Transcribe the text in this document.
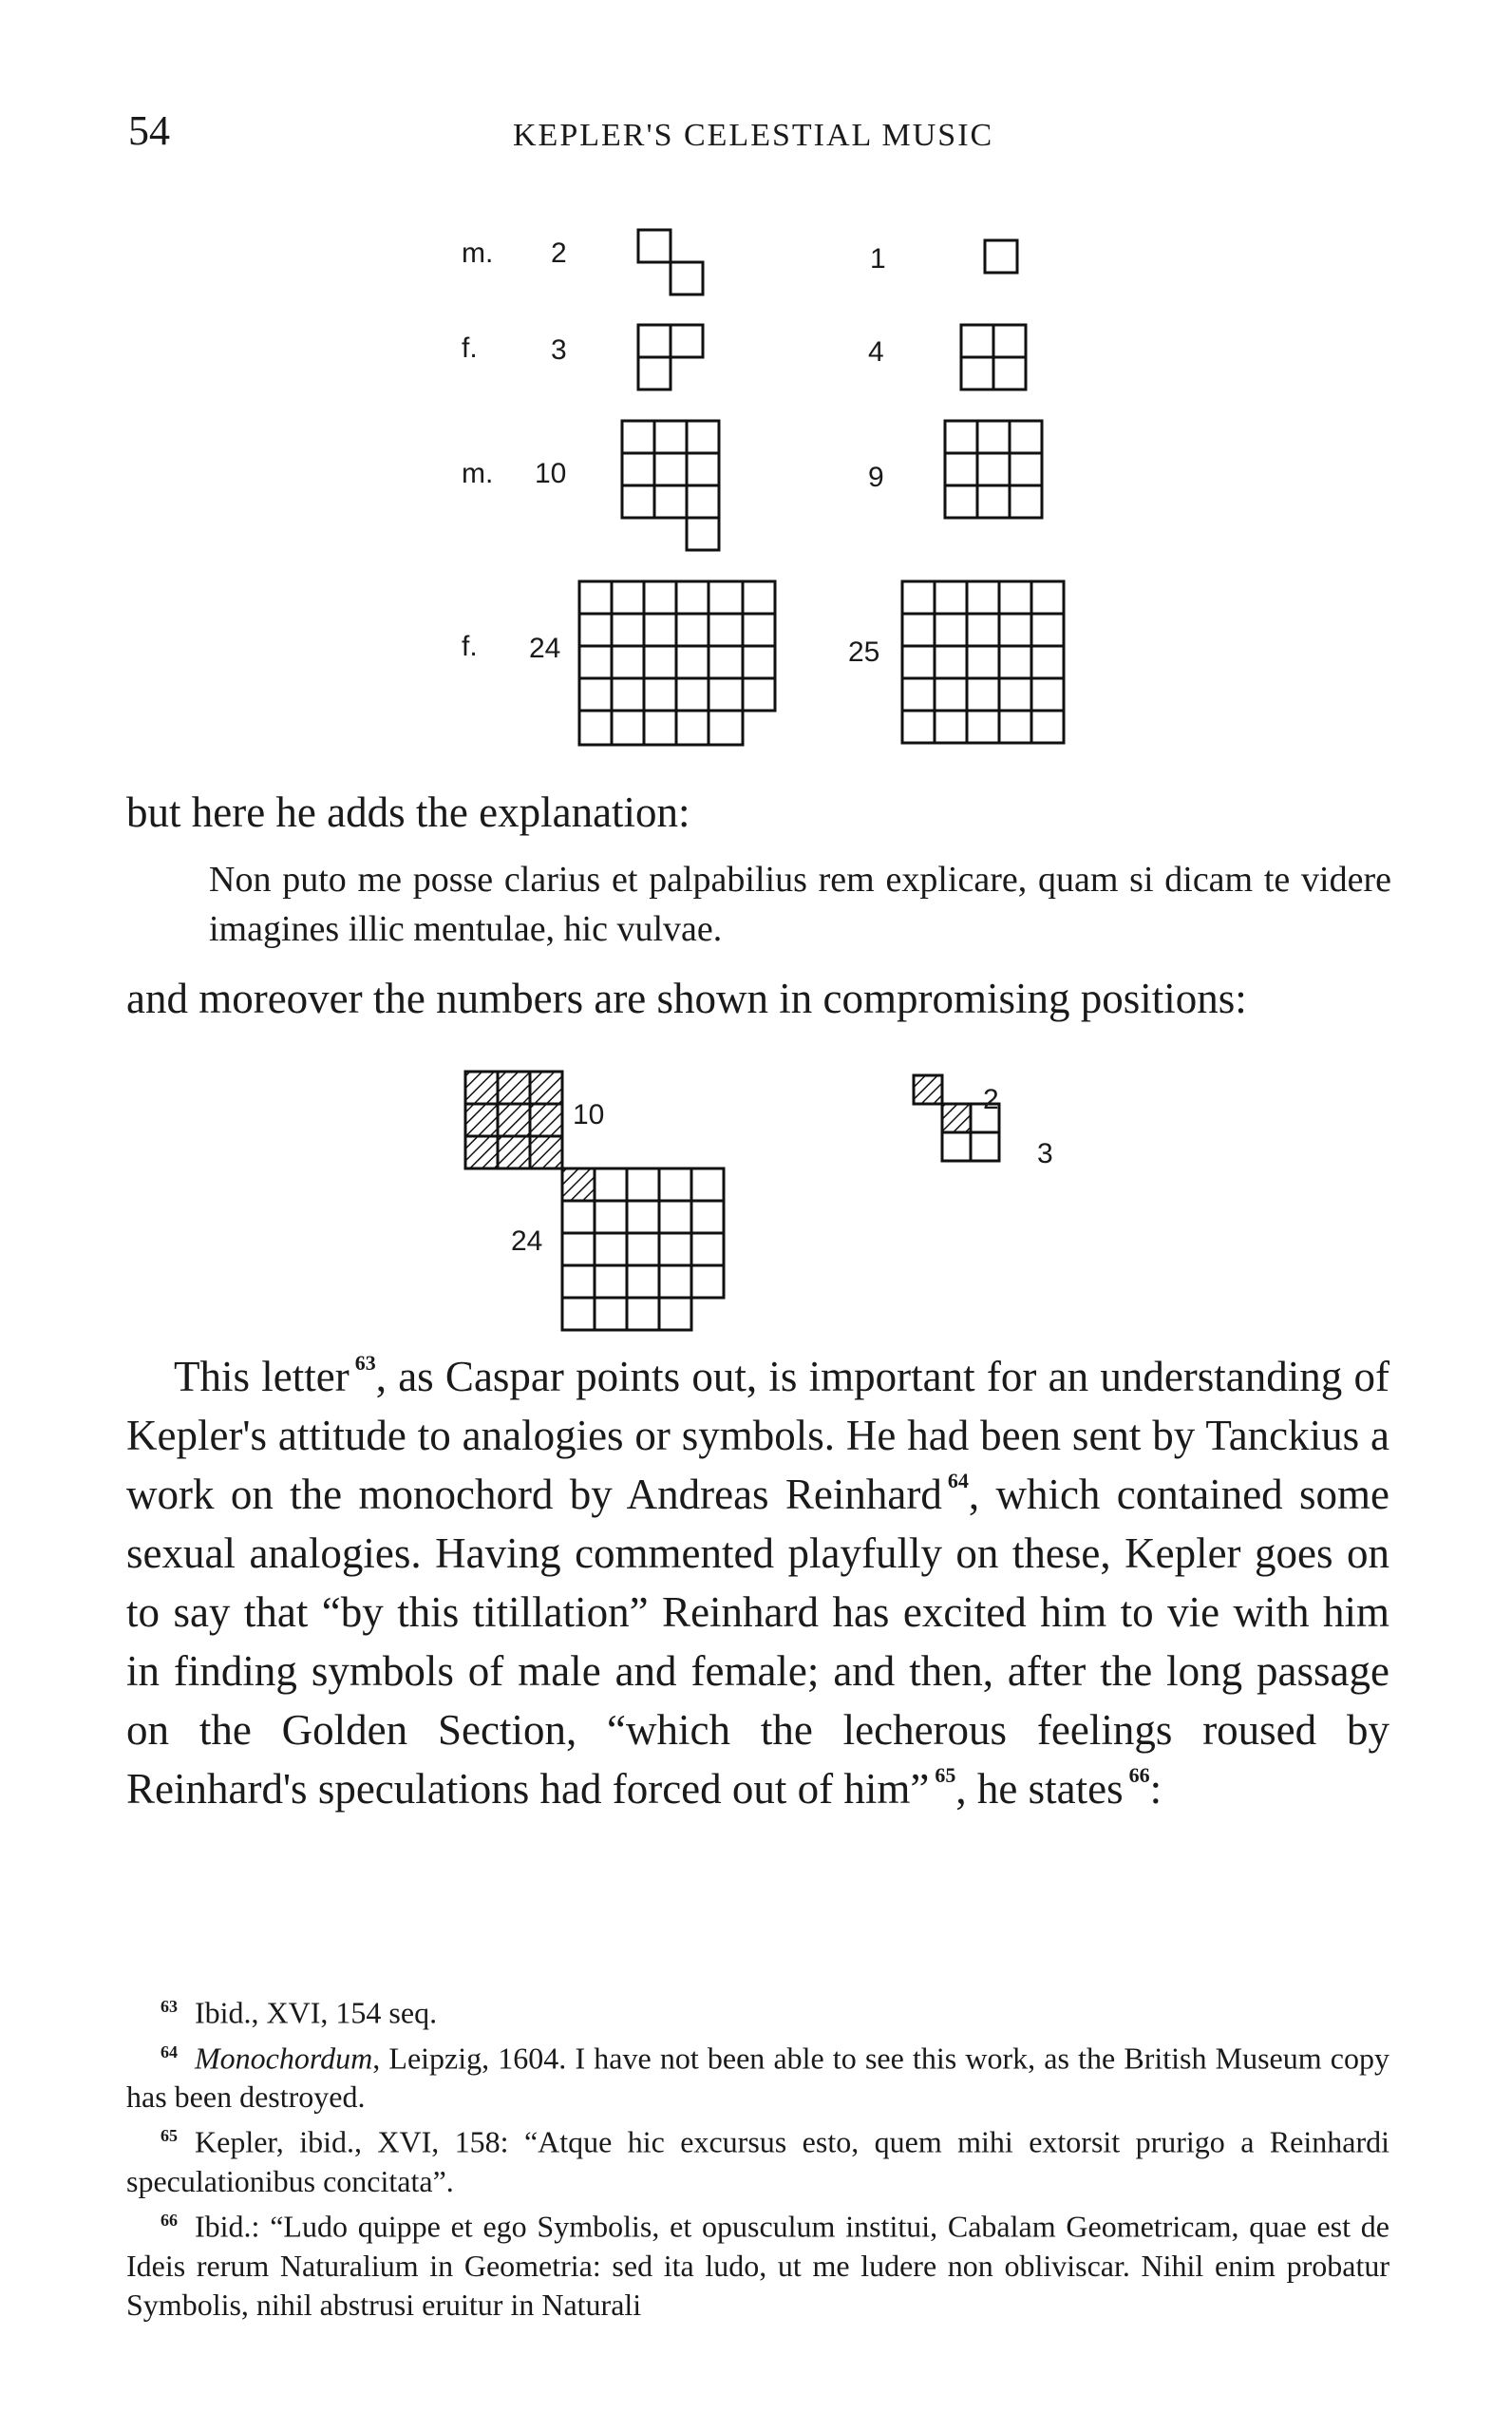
54	KEPLER'S CELESTIAL MUSIC
m. 2	1
f.	3	4
m. 10	9
f. 24	25
but here he adds the explanation:
Non puto me posse clarius et palpabilius rem explicare, quam si dicam te videre imagines illic mentulae, hic vulvae.
and moreover the numbers are shown in compromising positions:
10
24
2
3
This letter $^{63}$, as Caspar points out, is important for an understanding of Kepler's attitude to analogies or symbols. He had been sent by Tanckius a work on the monochord by Andreas Reinhard $^{64}$, which contained some sexual analogies. Having commented playfully on these, Kepler goes on to say that “by this titillation” Reinhard has excited him to vie with him in finding symbols of male and female; and then, after the long passage on the Golden Section, “which the lecherous feelings roused by Reinhard's speculations had forced out of him” $^{65}$, he states $^{66}$:

$^{63}$ Ibid., XVI, 154 seq.

$^{64}$ Monochordum, Leipzig, 1604. I have not been able to see this work, as the British Museum copy has been destroyed.

$^{65}$ Kepler, ibid., XVI, 158: “Atque hic excursus esto, quem mihi extorsit prurigo a Reinhardi speculationibus concitata”.

$^{66}$ Ibid.: “Ludo quippe et ego Symbolis, et opusculum institui, Cabalam Geometricam, quae est de Ideis rerum Naturalium in Geometria: sed ita ludo, ut me ludere non obliviscar. Nihil enim probatur Symbolis, nihil abstrusi eruitur in Naturali
